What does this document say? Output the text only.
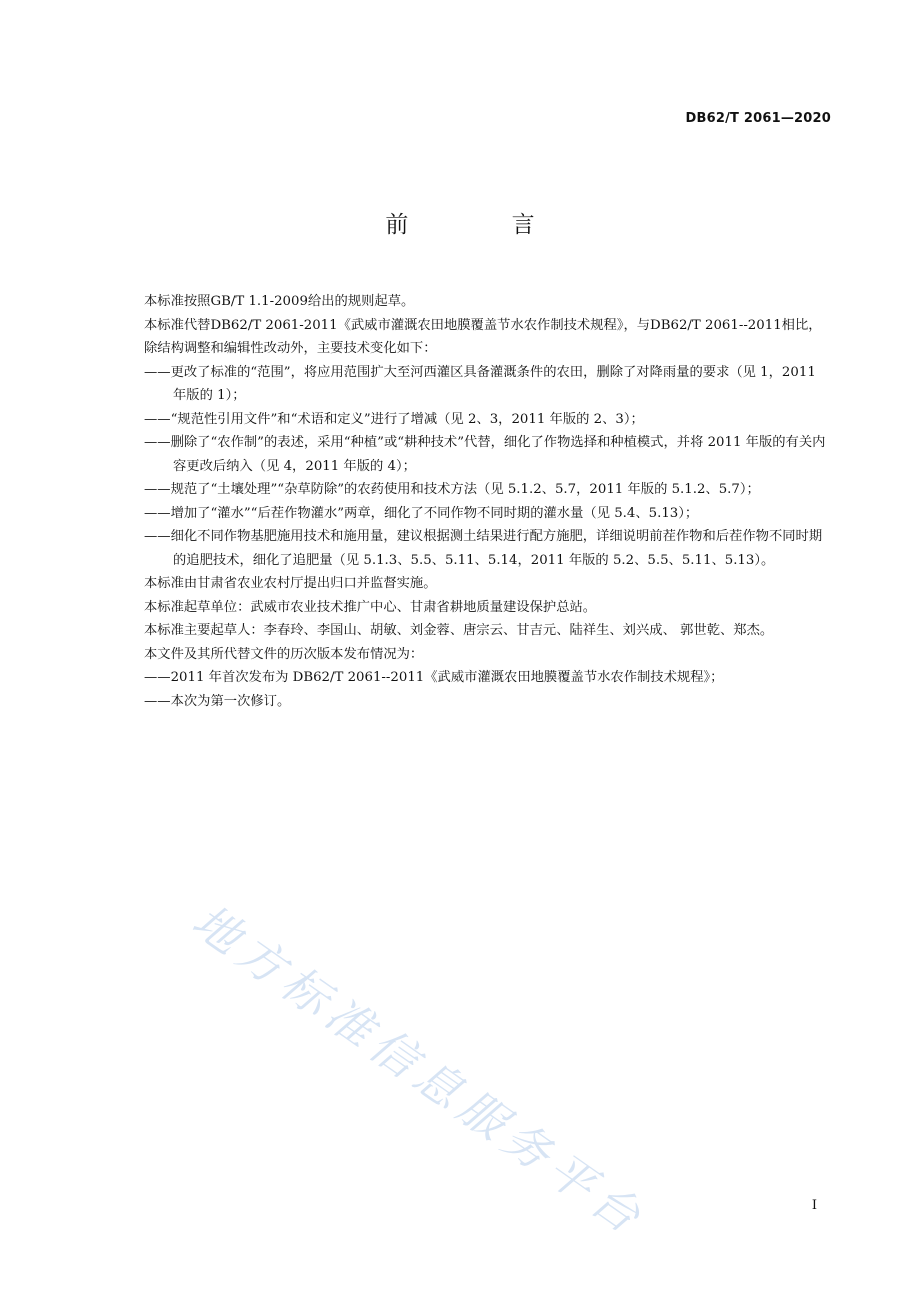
DB62/T 2061—2020
前 言

本标准按照GB/T 1.1-2009给出的规则起草。

本标准代替DB62/T 2061-2011《武威市灌溉农田地膜覆盖节水农作制技术规程》，与DB62/T 2061--2011相比，除结构调整和编辑性改动外，主要技术变化如下：

——更改了标准的“范围”，将应用范围扩大至河西灌区具备灌溉条件的农田，删除了对降雨量的要求（见 1，2011 年版的 1）；

——“规范性引用文件”和“术语和定义”进行了增减（见 2、3，2011 年版的 2、3）；

——删除了“农作制”的表述，采用“种植”或“耕种技术”代替，细化了作物选择和种植模式，并将 2011 年版的有关内容更改后纳入（见 4，2011 年版的 4）；

——规范了“土壤处理”“杂草防除”的农药使用和技术方法（见 5.1.2、5.7，2011 年版的 5.1.2、5.7）；

——增加了“灌水”“后茬作物灌水”两章，细化了不同作物不同时期的灌水量（见 5.4、5.13）；

——细化不同作物基肥施用技术和施用量，建议根据测土结果进行配方施肥，详细说明前茬作物和后茬作物不同时期的追肥技术，细化了追肥量（见 5.1.3、5.5、5.11、5.14，2011 年版的 5.2、5.5、5.11、5.13）。

本标准由甘肃省农业农村厅提出归口并监督实施。

本标准起草单位：武威市农业技术推广中心、甘肃省耕地质量建设保护总站。

本标准主要起草人：李春玲、李国山、胡敏、刘金蓉、唐宗云、甘吉元、陆祥生、刘兴成、 郭世乾、郑杰。

本文件及其所代替文件的历次版本发布情况为：

——2011 年首次发布为 DB62/T 2061--2011《武威市灌溉农田地膜覆盖节水农作制技术规程》；

——本次为第一次修订。

地方标准信息服务平台	I
